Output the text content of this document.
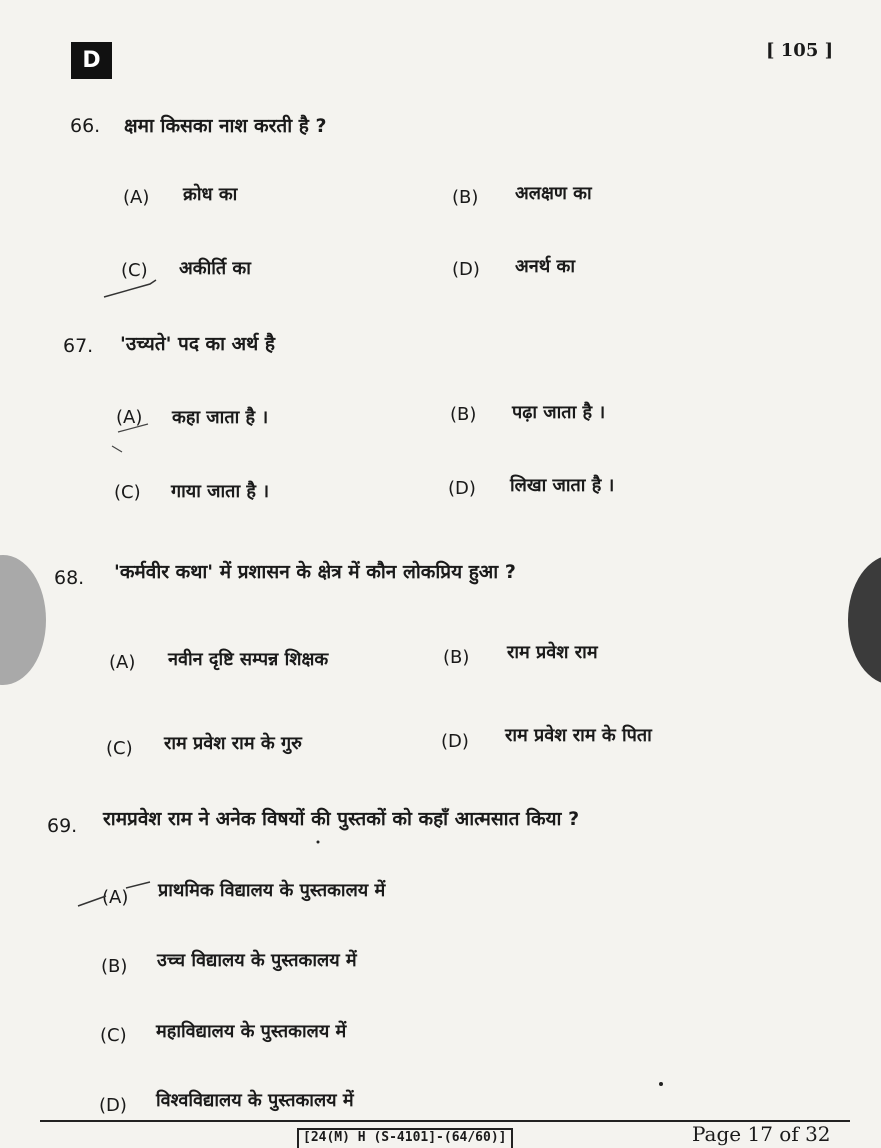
D	[ 105 ]
66. क्षमा किसका नाश करती है ?
(A) क्रोध का	(B) अलक्षण का
(C) अकीर्ति का	(D) अनर्थ का
67. 'उच्यते' पद का अर्थ है
(A) कहा जाता है ।	(B) पढ़ा जाता है ।
(C) गाया जाता है ।	(D) लिखा जाता है ।
68. 'कर्मवीर कथा' में प्रशासन के क्षेत्र में कौन लोकप्रिय हुआ ?
(A) नवीन दृष्टि सम्पन्न शिक्षक	(B) राम प्रवेश राम
(C) राम प्रवेश राम के गुरु	(D) राम प्रवेश राम के पिता
69. रामप्रवेश राम ने अनेक विषयों की पुस्तकों को कहाँ आत्मसात किया ?
(A) प्राथमिक विद्यालय के पुस्तकालय में
(B) उच्च विद्यालय के पुस्तकालय में
(C) महाविद्यालय के पुस्तकालय में
(D) विश्वविद्यालय के पुस्तकालय में
[24(M) H (S-4101]-(64/60)]	Page 17 of 32
